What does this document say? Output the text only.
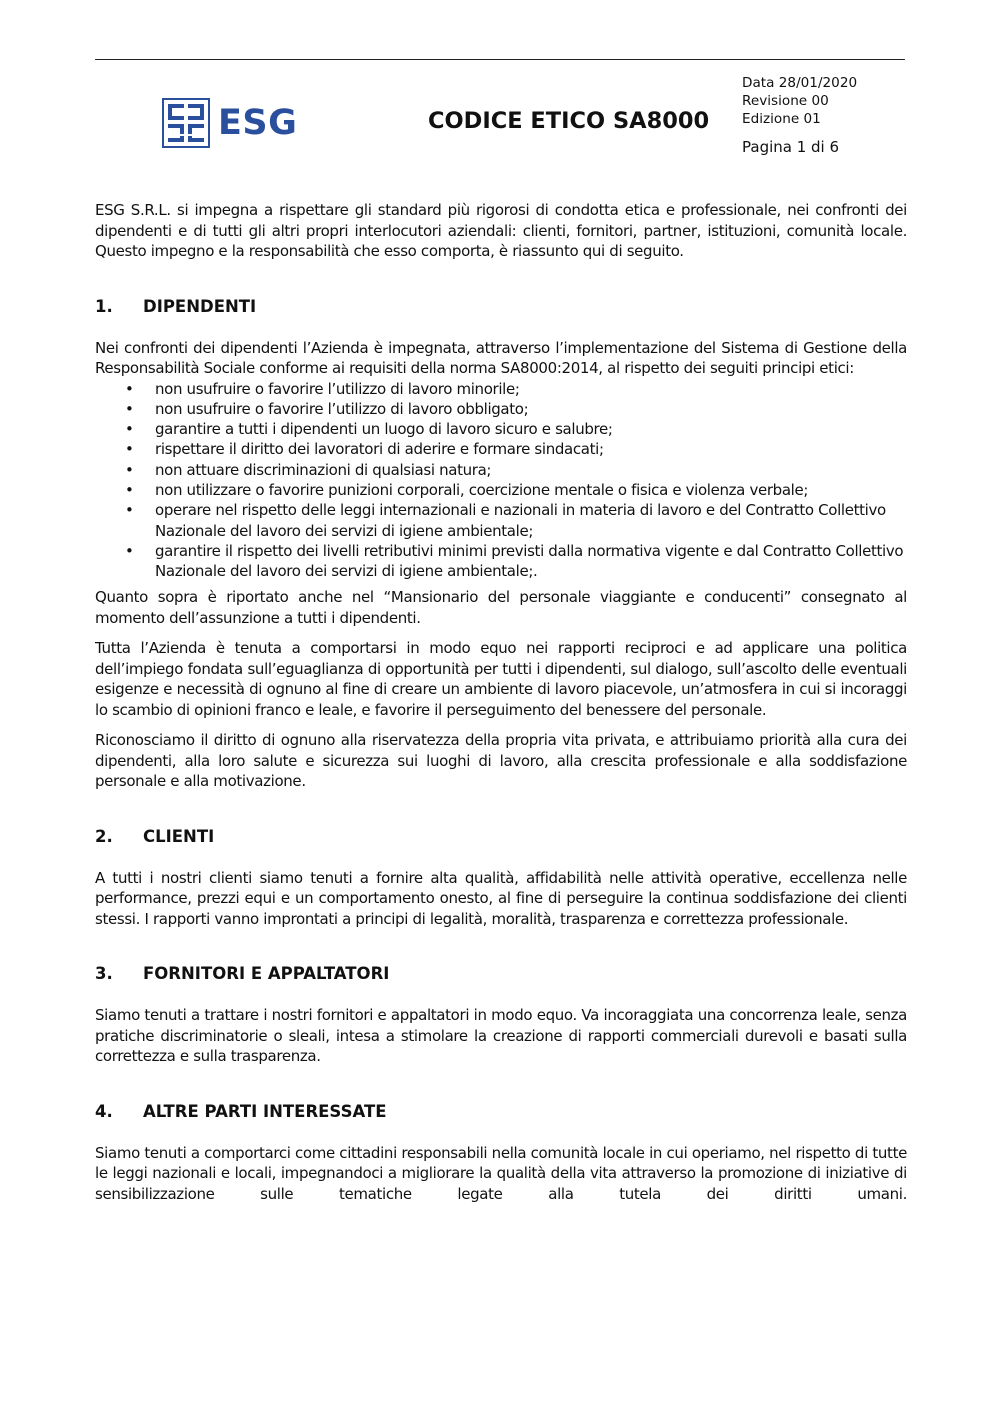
ESG	CODICE ETICO SA8000
Data 28/01/2020
Revisione 00
Edizione 01
Pagina 1 di 6

ESG S.R.L. si impegna a rispettare gli standard più rigorosi di condotta etica e professionale, nei confronti dei dipendenti e di tutti gli altri propri interlocutori aziendali: clienti, fornitori, partner, istituzioni, comunità locale. Questo impegno e la responsabilità che esso comporta, è riassunto qui di seguito.

1.	DIPENDENTI

Nei confronti dei dipendenti l’Azienda è impegnata, attraverso l’implementazione del Sistema di Gestione della Responsabilità Sociale conforme ai requisiti della norma SA8000:2014, al rispetto dei seguiti principi etici:

• non usufruire o favorire l’utilizzo di lavoro minorile;
• non usufruire o favorire l’utilizzo di lavoro obbligato;
• garantire a tutti i dipendenti un luogo di lavoro sicuro e salubre;
• rispettare il diritto dei lavoratori di aderire e formare sindacati;
• non attuare discriminazioni di qualsiasi natura;
• non utilizzare o favorire punizioni corporali, coercizione mentale o fisica e violenza verbale;
• operare nel rispetto delle leggi internazionali e nazionali in materia di lavoro e del Contratto Collettivo Nazionale del lavoro dei servizi di igiene ambientale;
• garantire il rispetto dei livelli retributivi minimi previsti dalla normativa vigente e dal Contratto Collettivo Nazionale del lavoro dei servizi di igiene ambientale;.

Quanto sopra è riportato anche nel “Mansionario del personale viaggiante e conducenti” consegnato al momento dell’assunzione a tutti i dipendenti.

Tutta l’Azienda è tenuta a comportarsi in modo equo nei rapporti reciproci e ad applicare una politica dell’impiego fondata sull’eguaglianza di opportunità per tutti i dipendenti, sul dialogo, sull’ascolto delle eventuali esigenze e necessità di ognuno al fine di creare un ambiente di lavoro piacevole, un’atmosfera in cui si incoraggi lo scambio di opinioni franco e leale, e favorire il perseguimento del benessere del personale.

Riconosciamo il diritto di ognuno alla riservatezza della propria vita privata, e attribuiamo priorità alla cura dei dipendenti, alla loro salute e sicurezza sui luoghi di lavoro, alla crescita professionale e alla soddisfazione personale e alla motivazione.

2.	CLIENTI

A tutti i nostri clienti siamo tenuti a fornire alta qualità, affidabilità nelle attività operative, eccellenza nelle performance, prezzi equi e un comportamento onesto, al fine di perseguire la continua soddisfazione dei clienti stessi. I rapporti vanno improntati a principi di legalità, moralità, trasparenza e correttezza professionale.

3.	FORNITORI E APPALTATORI

Siamo tenuti a trattare i nostri fornitori e appaltatori in modo equo. Va incoraggiata una concorrenza leale, senza pratiche discriminatorie o sleali, intesa a stimolare la creazione di rapporti commerciali durevoli e basati sulla correttezza e sulla trasparenza.

4.	ALTRE PARTI INTERESSATE

Siamo tenuti a comportarci come cittadini responsabili nella comunità locale in cui operiamo, nel rispetto di tutte le leggi nazionali e locali, impegnandoci a migliorare la qualità della vita attraverso la promozione di iniziative di sensibilizzazione sulle tematiche legate alla tutela dei diritti umani.
